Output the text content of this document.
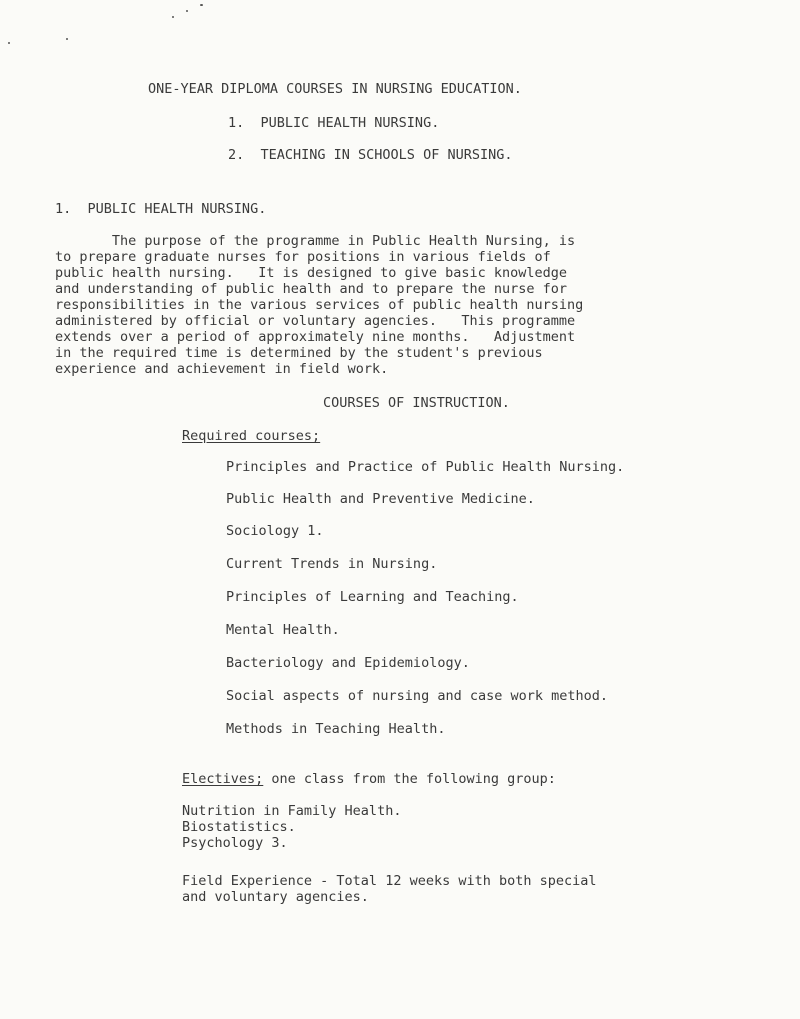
ONE-YEAR DIPLOMA COURSES IN NURSING EDUCATION.
1.  PUBLIC HEALTH NURSING.
2.  TEACHING IN SCHOOLS OF NURSING.
1.  PUBLIC HEALTH NURSING.
The purpose of the programme in Public Health Nursing, is
to prepare graduate nurses for positions in various fields of
public health nursing.   It is designed to give basic knowledge
and understanding of public health and to prepare the nurse for
responsibilities in the various services of public health nursing
administered by official or voluntary agencies.   This programme
extends over a period of approximately nine months.   Adjustment
in the required time is determined by the student's previous
experience and achievement in field work.
COURSES OF INSTRUCTION.
Required courses;
Principles and Practice of Public Health Nursing.
Public Health and Preventive Medicine.
Sociology 1.
Current Trends in Nursing.
Principles of Learning and Teaching.
Mental Health.
Bacteriology and Epidemiology.
Social aspects of nursing and case work method.
Methods in Teaching Health.
Electives; one class from the following group:
Nutrition in Family Health.
Biostatistics.
Psychology 3.
Field Experience - Total 12 weeks with both special
and voluntary agencies.
